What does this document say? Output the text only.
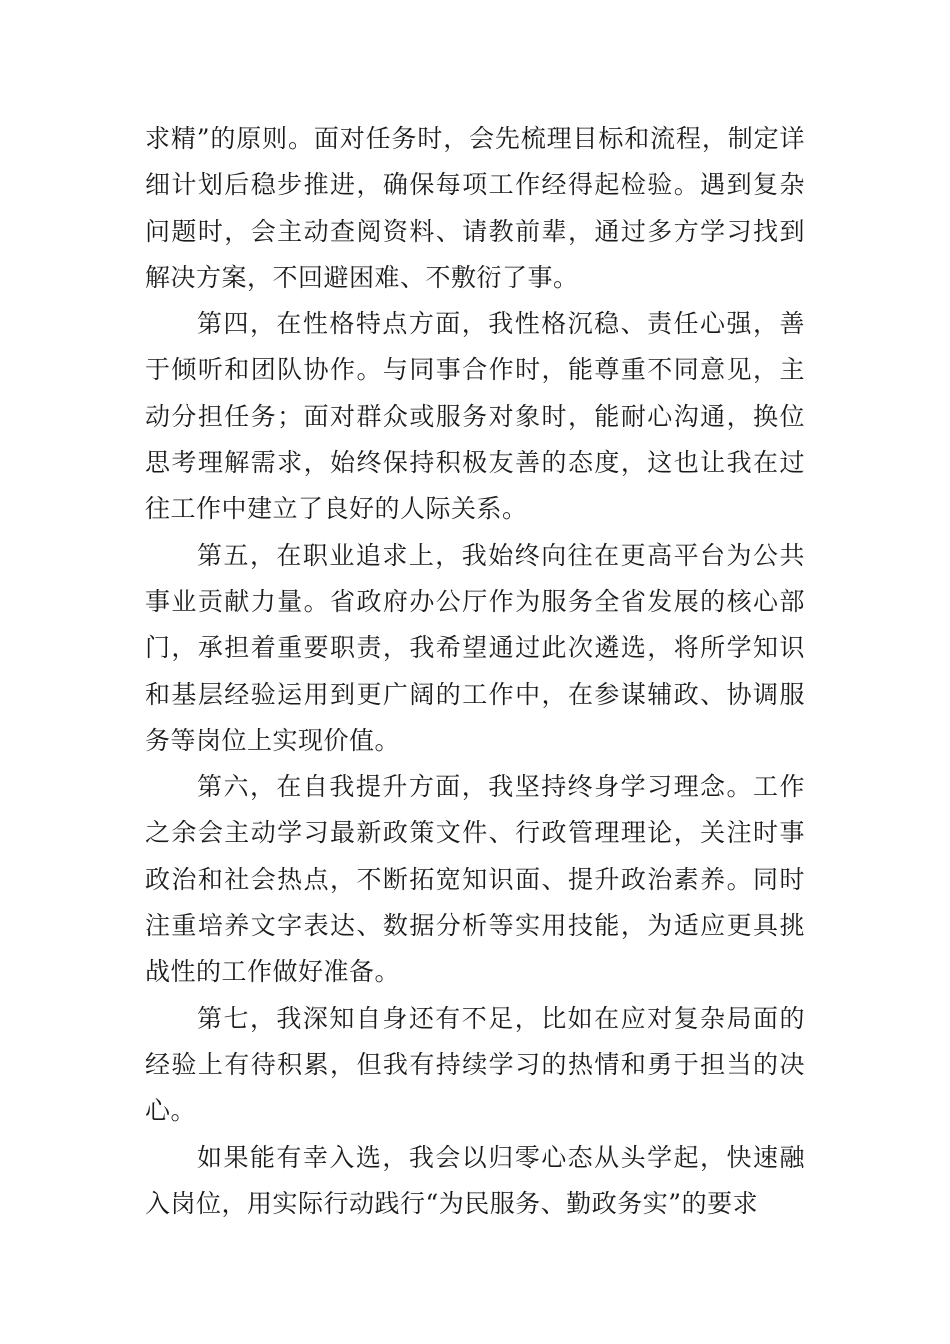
求精”的原则。面对任务时，会先梳理目标和流程，制定详细计划后稳步推进，确保每项工作经得起检验。遇到复杂问题时，会主动查阅资料、请教前辈，通过多方学习找到解决方案，不回避困难、不敷衍了事。

第四，在性格特点方面，我性格沉稳、责任心强，善于倾听和团队协作。与同事合作时，能尊重不同意见，主动分担任务；面对群众或服务对象时，能耐心沟通，换位思考理解需求，始终保持积极友善的态度，这也让我在过往工作中建立了良好的人际关系。

第五，在职业追求上，我始终向往在更高平台为公共事业贡献力量。省政府办公厅作为服务全省发展的核心部门，承担着重要职责，我希望通过此次遴选，将所学知识和基层经验运用到更广阔的工作中，在参谋辅政、协调服务等岗位上实现价值。

第六，在自我提升方面，我坚持终身学习理念。工作之余会主动学习最新政策文件、行政管理理论，关注时事政治和社会热点，不断拓宽知识面、提升政治素养。同时注重培养文字表达、数据分析等实用技能，为适应更具挑战性的工作做好准备。

第七，我深知自身还有不足，比如在应对复杂局面的经验上有待积累，但我有持续学习的热情和勇于担当的决心。

如果能有幸入选，我会以归零心态从头学起，快速融入岗位，用实际行动践行“为民服务、勤政务实”的要求
